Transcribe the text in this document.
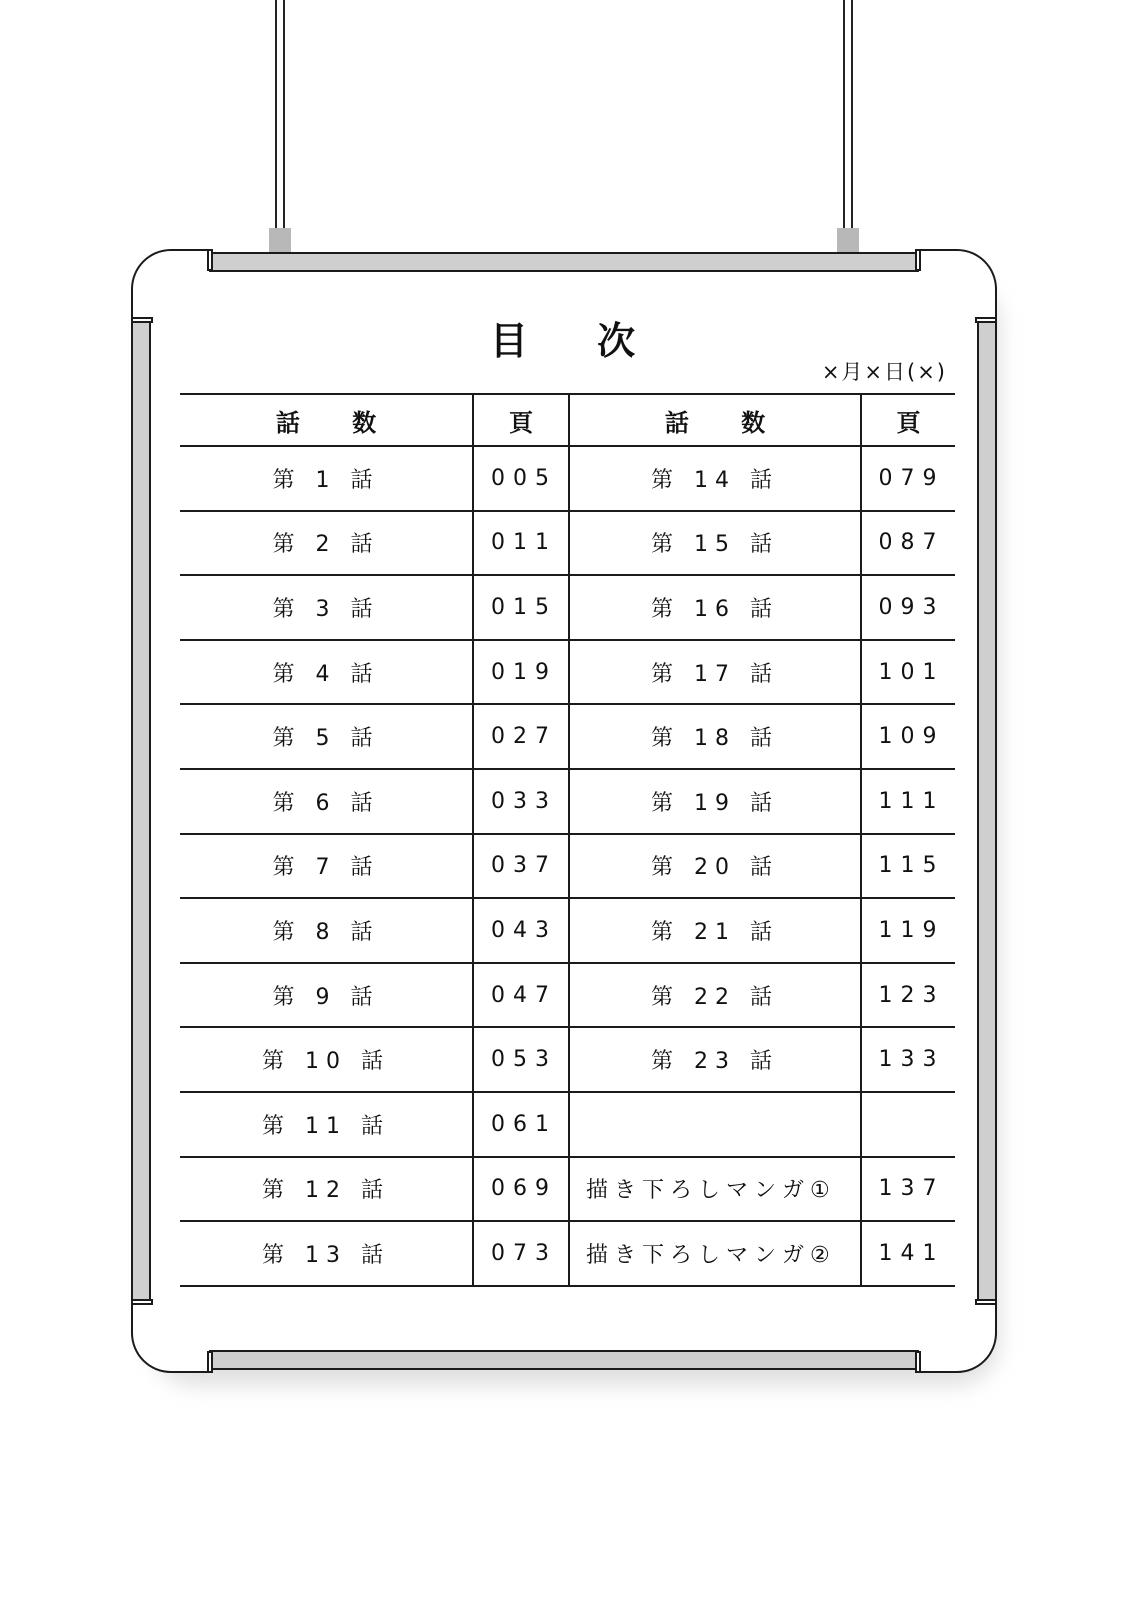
目 次
×月×日(×)
話 数	頁	話 数	頁
第 1 話	005	第 14 話	079
第 2 話	011	第 15 話	087
第 3 話	015	第 16 話	093
第 4 話	019	第 17 話	101
第 5 話	027	第 18 話	109
第 6 話	033	第 19 話	111
第 7 話	037	第 20 話	115
第 8 話	043	第 21 話	119
第 9 話	047	第 22 話	123
第 10 話	053	第 23 話	133
第 11 話	061
第 12 話	069	描き下ろしマンガ①	137
第 13 話	073	描き下ろしマンガ②	141
